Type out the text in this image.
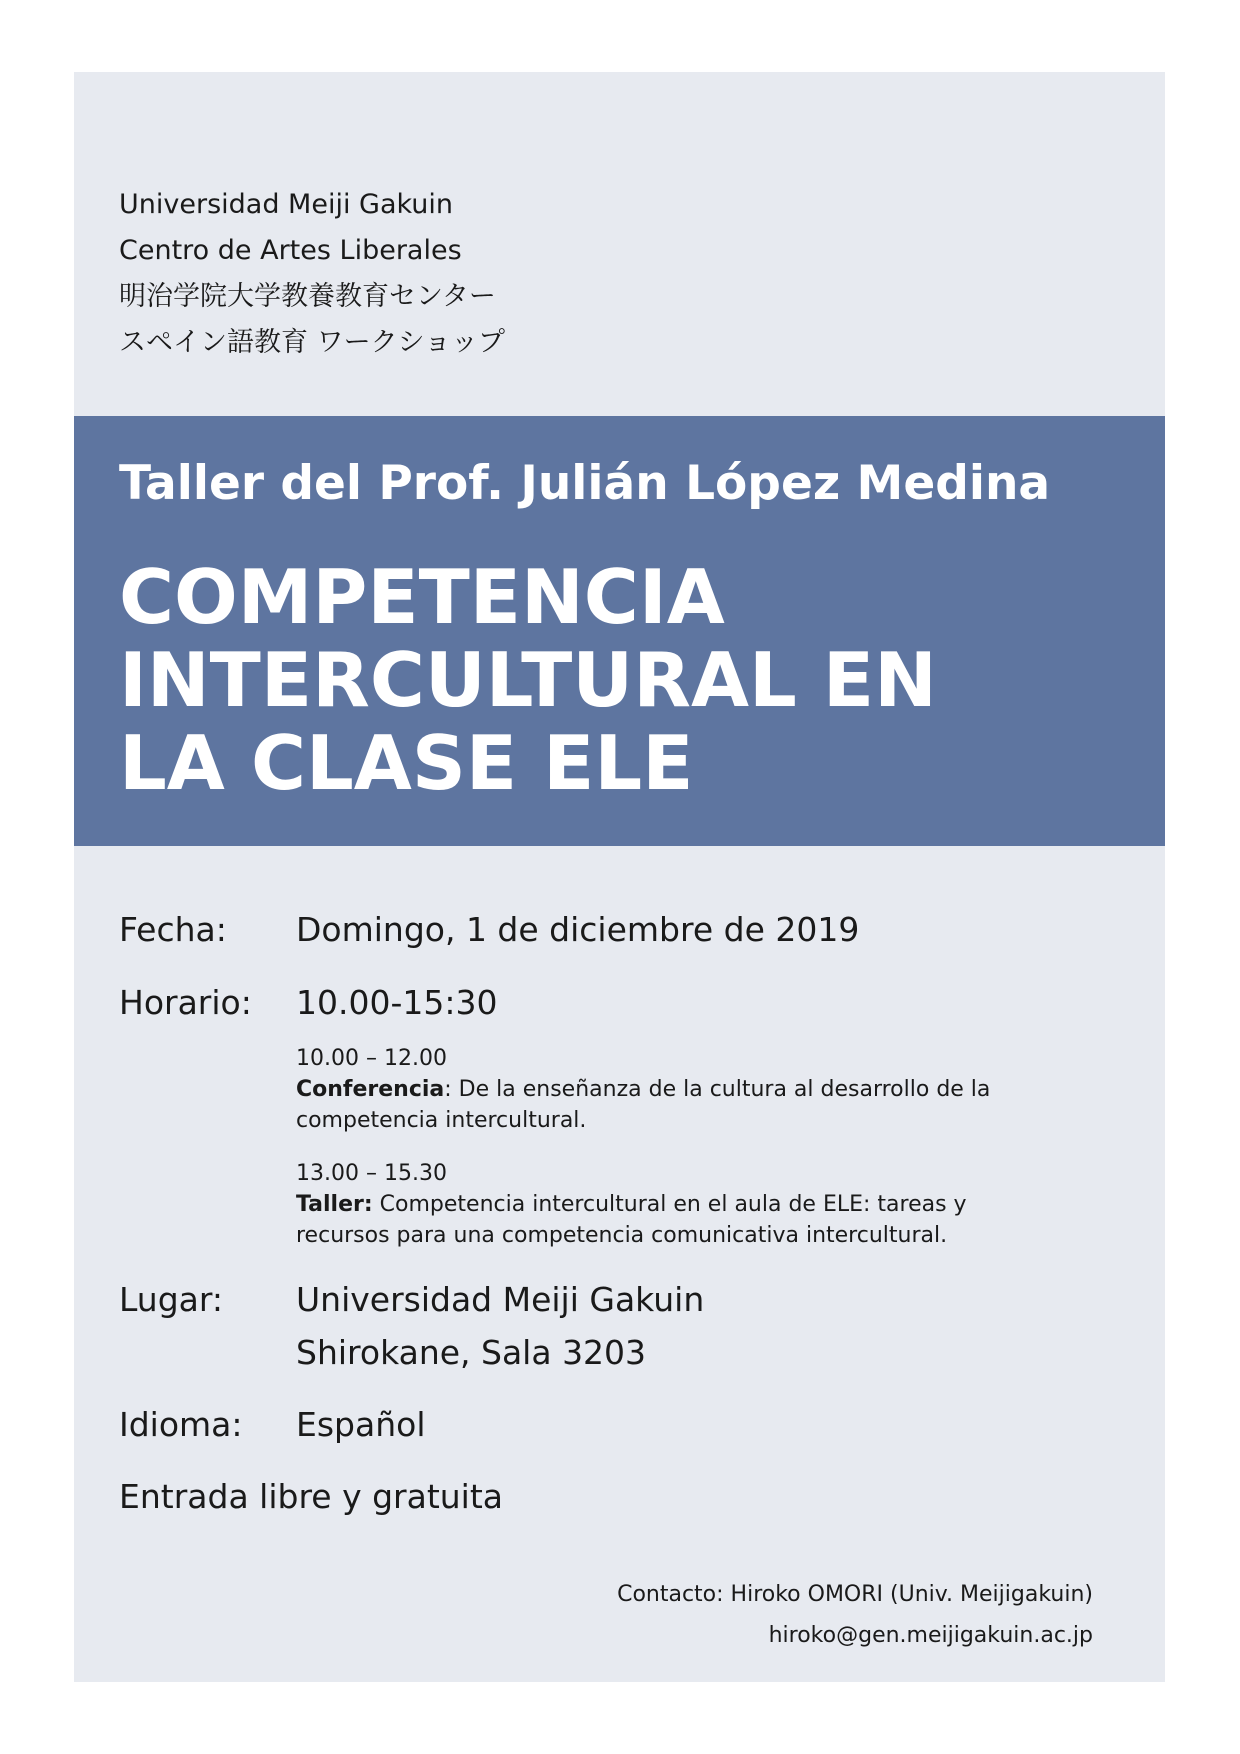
Universidad Meiji Gakuin
Centro de Artes Liberales
明治学院大学教養教育センター
スペイン語教育 ワークショップ
Taller del Prof. Julián López Medina
COMPETENCIA
INTERCULTURAL EN
LA CLASE ELE
Fecha: Domingo, 1 de diciembre de 2019
Horario: 10.00-15:30
10.00 – 12.00
Conferencia: De la enseñanza de la cultura al desarrollo de la competencia intercultural.
13.00 – 15.30
Taller: Competencia intercultural en el aula de ELE: tareas y recursos para una competencia comunicativa intercultural.
Lugar: Universidad Meiji Gakuin
Shirokane, Sala 3203
Idioma: Español
Entrada libre y gratuita
Contacto: Hiroko OMORI (Univ. Meijigakuin)
hiroko@gen.meijigakuin.ac.jp
